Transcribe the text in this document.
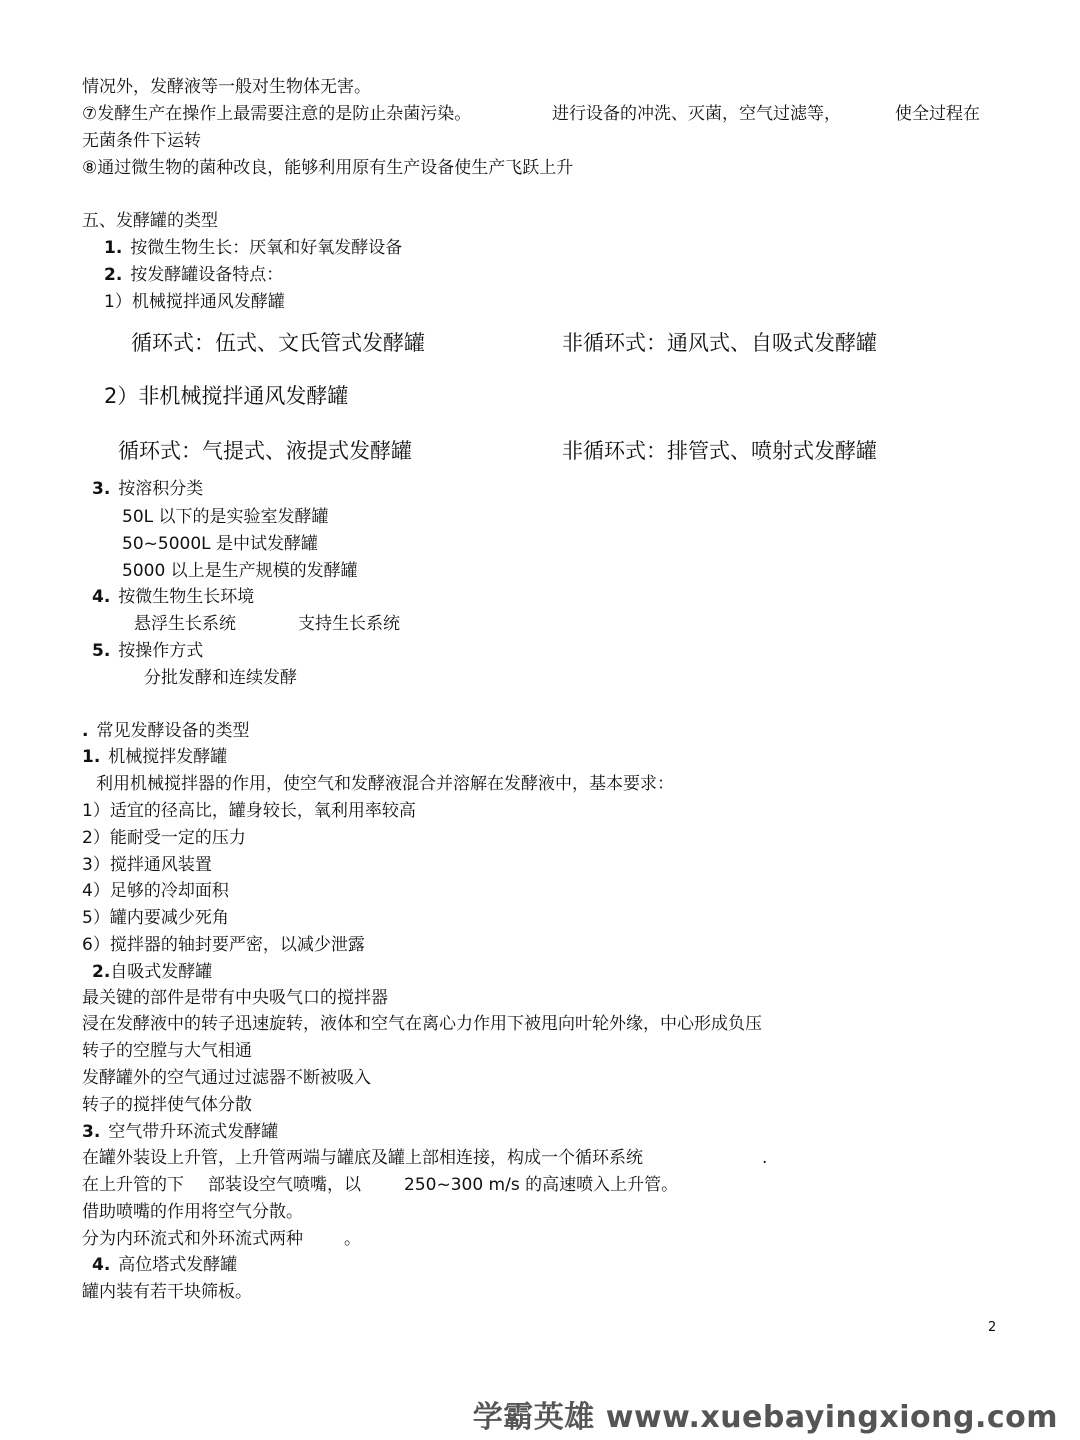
情况外，发酵液等一般对生物体无害。
⑦发酵生产在操作上最需要注意的是防止杂菌污染。	进行设备的冲洗、灭菌，空气过滤等，	使全过程在
无菌条件下运转
⑧通过微生物的菌种改良，能够利用原有生产设备使生产飞跃上升
五、发酵罐的类型
1. 按微生物生长：厌氧和好氧发酵设备
2. 按发酵罐设备特点：
1）机械搅拌通风发酵罐
循环式：伍式、文氏管式发酵罐	非循环式：通风式、自吸式发酵罐
2）非机械搅拌通风发酵罐
循环式：气提式、液提式发酵罐	非循环式：排管式、喷射式发酵罐
3. 按溶积分类
50L 以下的是实验室发酵罐
50~5000L 是中试发酵罐
5000 以上是生产规模的发酵罐
4. 按微生物生长环境
悬浮生长系统	支持生长系统
5. 按操作方式
分批发酵和连续发酵
. 常见发酵设备的类型
1. 机械搅拌发酵罐
利用机械搅拌器的作用，使空气和发酵液混合并溶解在发酵液中，基本要求：
1）适宜的径高比，罐身较长，氧利用率较高
2）能耐受一定的压力
3）搅拌通风装置
4）足够的冷却面积
5）罐内要减少死角
6）搅拌器的轴封要严密，以减少泄露
2.自吸式发酵罐
最关键的部件是带有中央吸气口的搅拌器
浸在发酵液中的转子迅速旋转，液体和空气在离心力作用下被甩向叶轮外缘，中心形成负压
转子的空膛与大气相通
发酵罐外的空气通过过滤器不断被吸入
转子的搅拌使气体分散
3. 空气带升环流式发酵罐
在罐外装设上升管，上升管两端与罐底及罐上部相连接，构成一个循环系统	.
在上升管的下 部装设空气喷嘴，以	250~300 m/s 的高速喷入上升管。
借助喷嘴的作用将空气分散。
分为内环流式和外环流式两种 。
4. 高位塔式发酵罐
罐内装有若干块筛板。
2
学霸英雄 www.xuebayingxiong.com
